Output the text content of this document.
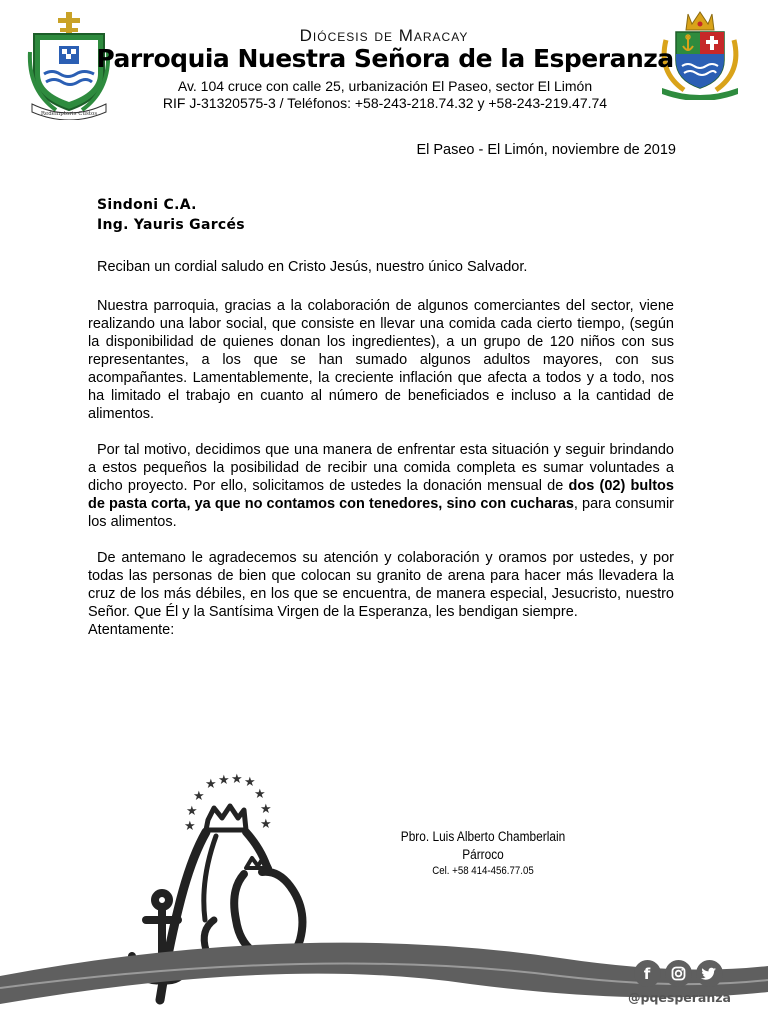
Redemptoris Custos
Diócesis de Maracay
Parroquia Nuestra Señora de la Esperanza
Av. 104 cruce con calle 25, urbanización El Paseo, sector El Limón
RIF J-31320575-3 / Teléfonos: +58-243-218.74.32 y +58-243-219.47.74
El Paseo - El Limón, noviembre de 2019
Sindoni C.A.
Ing. Yauris Garcés

Reciban un cordial saludo en Cristo Jesús, nuestro único Salvador.

Nuestra parroquia, gracias a la colaboración de algunos comerciantes del sector, viene realizando una labor social, que consiste en llevar una comida cada cierto tiempo, (según la disponibilidad de quienes donan los ingredientes), a un grupo de 120 niños con sus representantes, a los que se han sumado algunos adultos mayores, con sus acompañantes. Lamentablemente, la creciente inflación que afecta a todos y a todo, nos ha limitado el trabajo en cuanto al número de beneficiados e incluso a la cantidad de alimentos.

Por tal motivo, decidimos que una manera de enfrentar esta situación y seguir brindando a estos pequeños la posibilidad de recibir una comida completa es sumar voluntades a dicho proyecto. Por ello, solicitamos de ustedes la donación mensual de dos (02) bultos de pasta corta, ya que no contamos con tenedores, sino con cucharas, para consumir los alimentos.

De antemano le agradecemos su atención y colaboración y oramos por ustedes, y por todas las personas de bien que colocan su granito de arena para hacer más llevadera la cruz de los más débiles, en los que se encuentra, de manera especial, Jesucristo, nuestro Señor. Que Él y la Santísima Virgen de la Esperanza, les bendigan siempre.

Atentamente:

★ ★ ★ ★
★	★
★	★
★	★
Pbro. Luis Alberto Chamberlain
Párroco
Cel. +58 414-456.77.05
f
@pqesperanza
